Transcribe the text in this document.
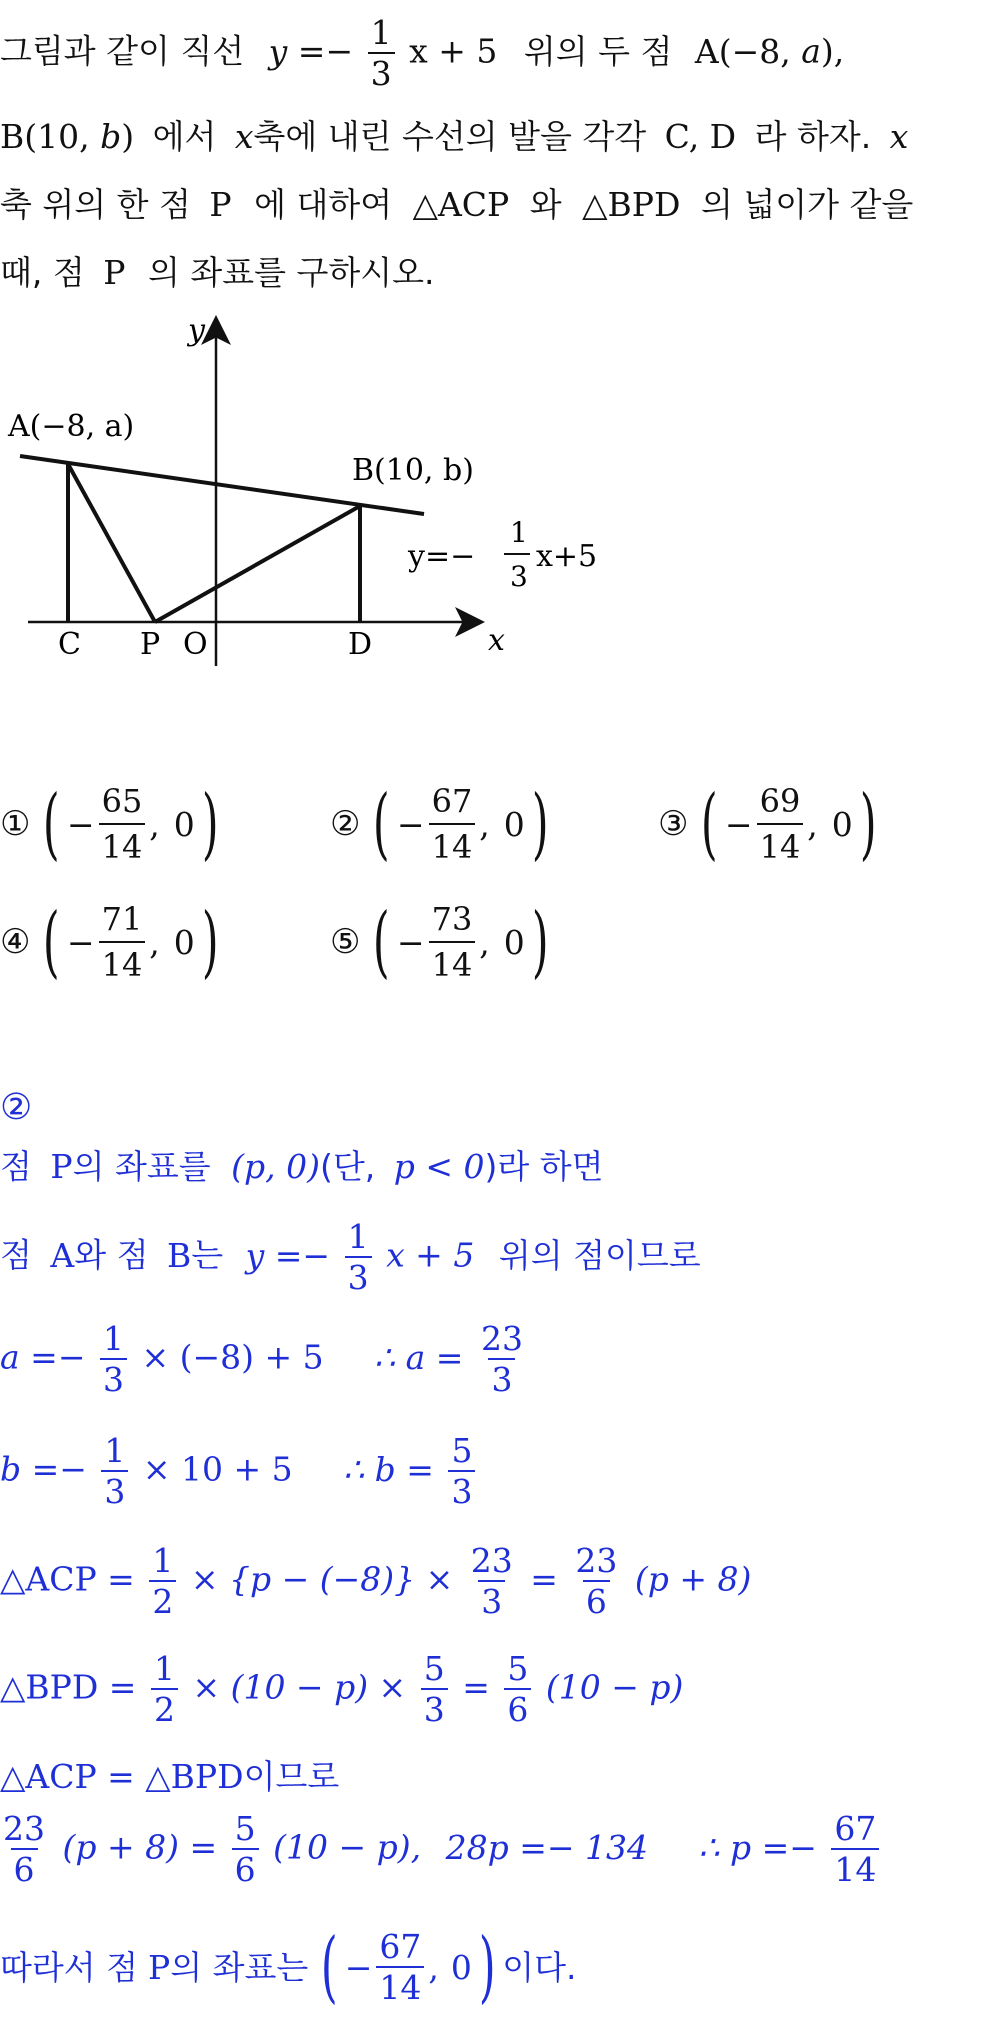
그림과 같이 직선 $y =- \frac{1}{3}$ x + 5 위의 두 점 A(−8, a),
B(10, b) 에서 x축에 내린 수선의 발을 각각 C, D 라 하자. x
축 위의 한 점 P 에 대하여 △ACP 와 △BPD 의 넓이가 같을
때, 점 P 의 좌표를 구하시오.
y
x
A(−8, a)
B(10, b)
C P O	D
y=−
1
3
x+5
① ( − $\frac{65}{14}$ , 0 )	② ( − $\frac{67}{14}$ , 0 )	③ ( − $\frac{69}{14}$ , 0 )
④ ( − $\frac{71}{14}$ , 0 )	⑤ ( − $\frac{73}{14}$ , 0 )
②
점 P의 좌표를 (p, 0)(단, p < 0)라 하면
점 A와 점 B는 $y =- \frac{1}{3}$ x + 5 위의 점이므로
$a =- \frac{1}{3} \times (-8) + 5$ ∴ $a = \frac{23}{3}$
$b =- \frac{1}{3} \times 10 + 5$ ∴ $b = \frac{5}{3}$
△ACP = $\frac{1}{2} \times \{p - (-8)\} \times \frac{23}{3} = \frac{23}{6} (p + 8)$
△BPD = $\frac{1}{2} \times (10 - p) \times \frac{5}{3} = \frac{5}{6} (10 - p)$
△ACP = △BPD이므로
$\frac{23}{6} (p + 8) = \frac{5}{6} (10 - p)$, 28p =− 134 ∴ $p =- \frac{67}{14}$
따라서 점 P 의 좌표는 ( − $\frac{67}{14}$ , 0 ) 이다.
